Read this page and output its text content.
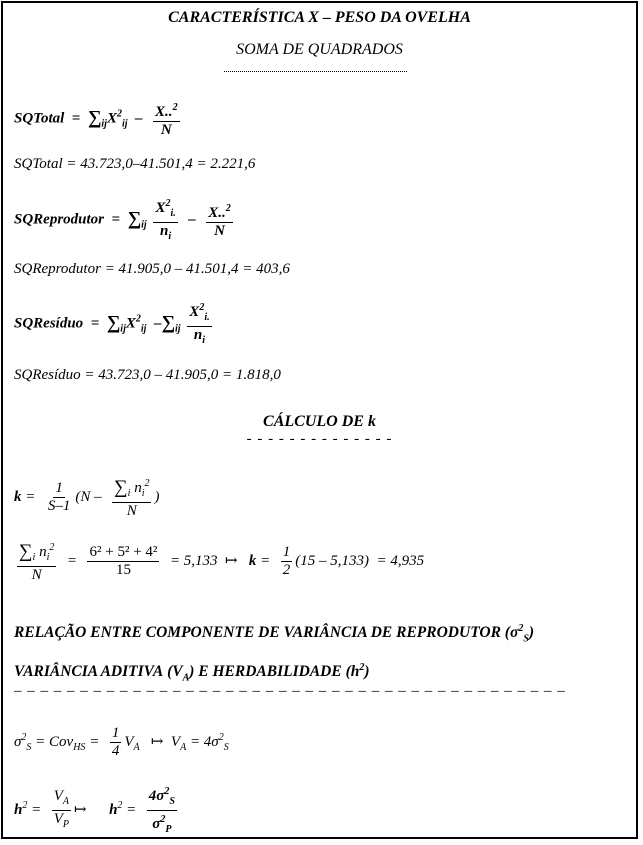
CARACTERÍSTICA X – PESO DA OVELHA
SOMA DE QUADRADOS
SQTotal  =  $\sum_{ij}X^2_{ij} - \frac{X..^2}{N}$
SQTotal = 43.723,0–41.501,4 = 2.221,6
SQReprodutor  =  $\sum_{ij} \frac{X^2_{i.}}{n_i} - \frac{X..^2}{N}$
SQReprodutor = 41.905,0 – 41.501,4 = 403,6
SQResíduo  =  $\sum_{ij}X^2_{ij}$  $-\sum_{ij} \frac{X^2_{i.}}{n_i}$
SQResíduo = 43.723,0 – 41.905,0 = 1.818,0
CÁLCULO DE k
- - - - - - - - - - - - - -
$k = \frac{1}{S-1} (N - \frac{\sum_i n_i^2}{N}$ )
$\frac{\sum_i n_i^2}{N} = \frac{\text{6² + 5² + 4²}}{15} = 5,133$  ↦   $k = \frac{1}{2} (15 - 5,133) = 4,935$
RELAÇÃO ENTRE COMPONENTE DE VARIÂNCIA DE REPRODUTOR $(\sigma^2_S)$
VARIÂNCIA ADITIVA $(V_A)$ E HERDABILIDADE $(h^2)$
– – – – – – – – – – – – – – – – – – – – – – – – – – – – – – – – – – – – – – – – – –
$\sigma^2_S = Cov_{HS} = \frac{1}{4} V_A$   ↦  $V_A = 4\sigma^2_S$
$h^2 = \frac{V_A}{V_P}$ ↦      $h^2 = \frac{4\sigma^2_S}{\sigma^2_P}$
